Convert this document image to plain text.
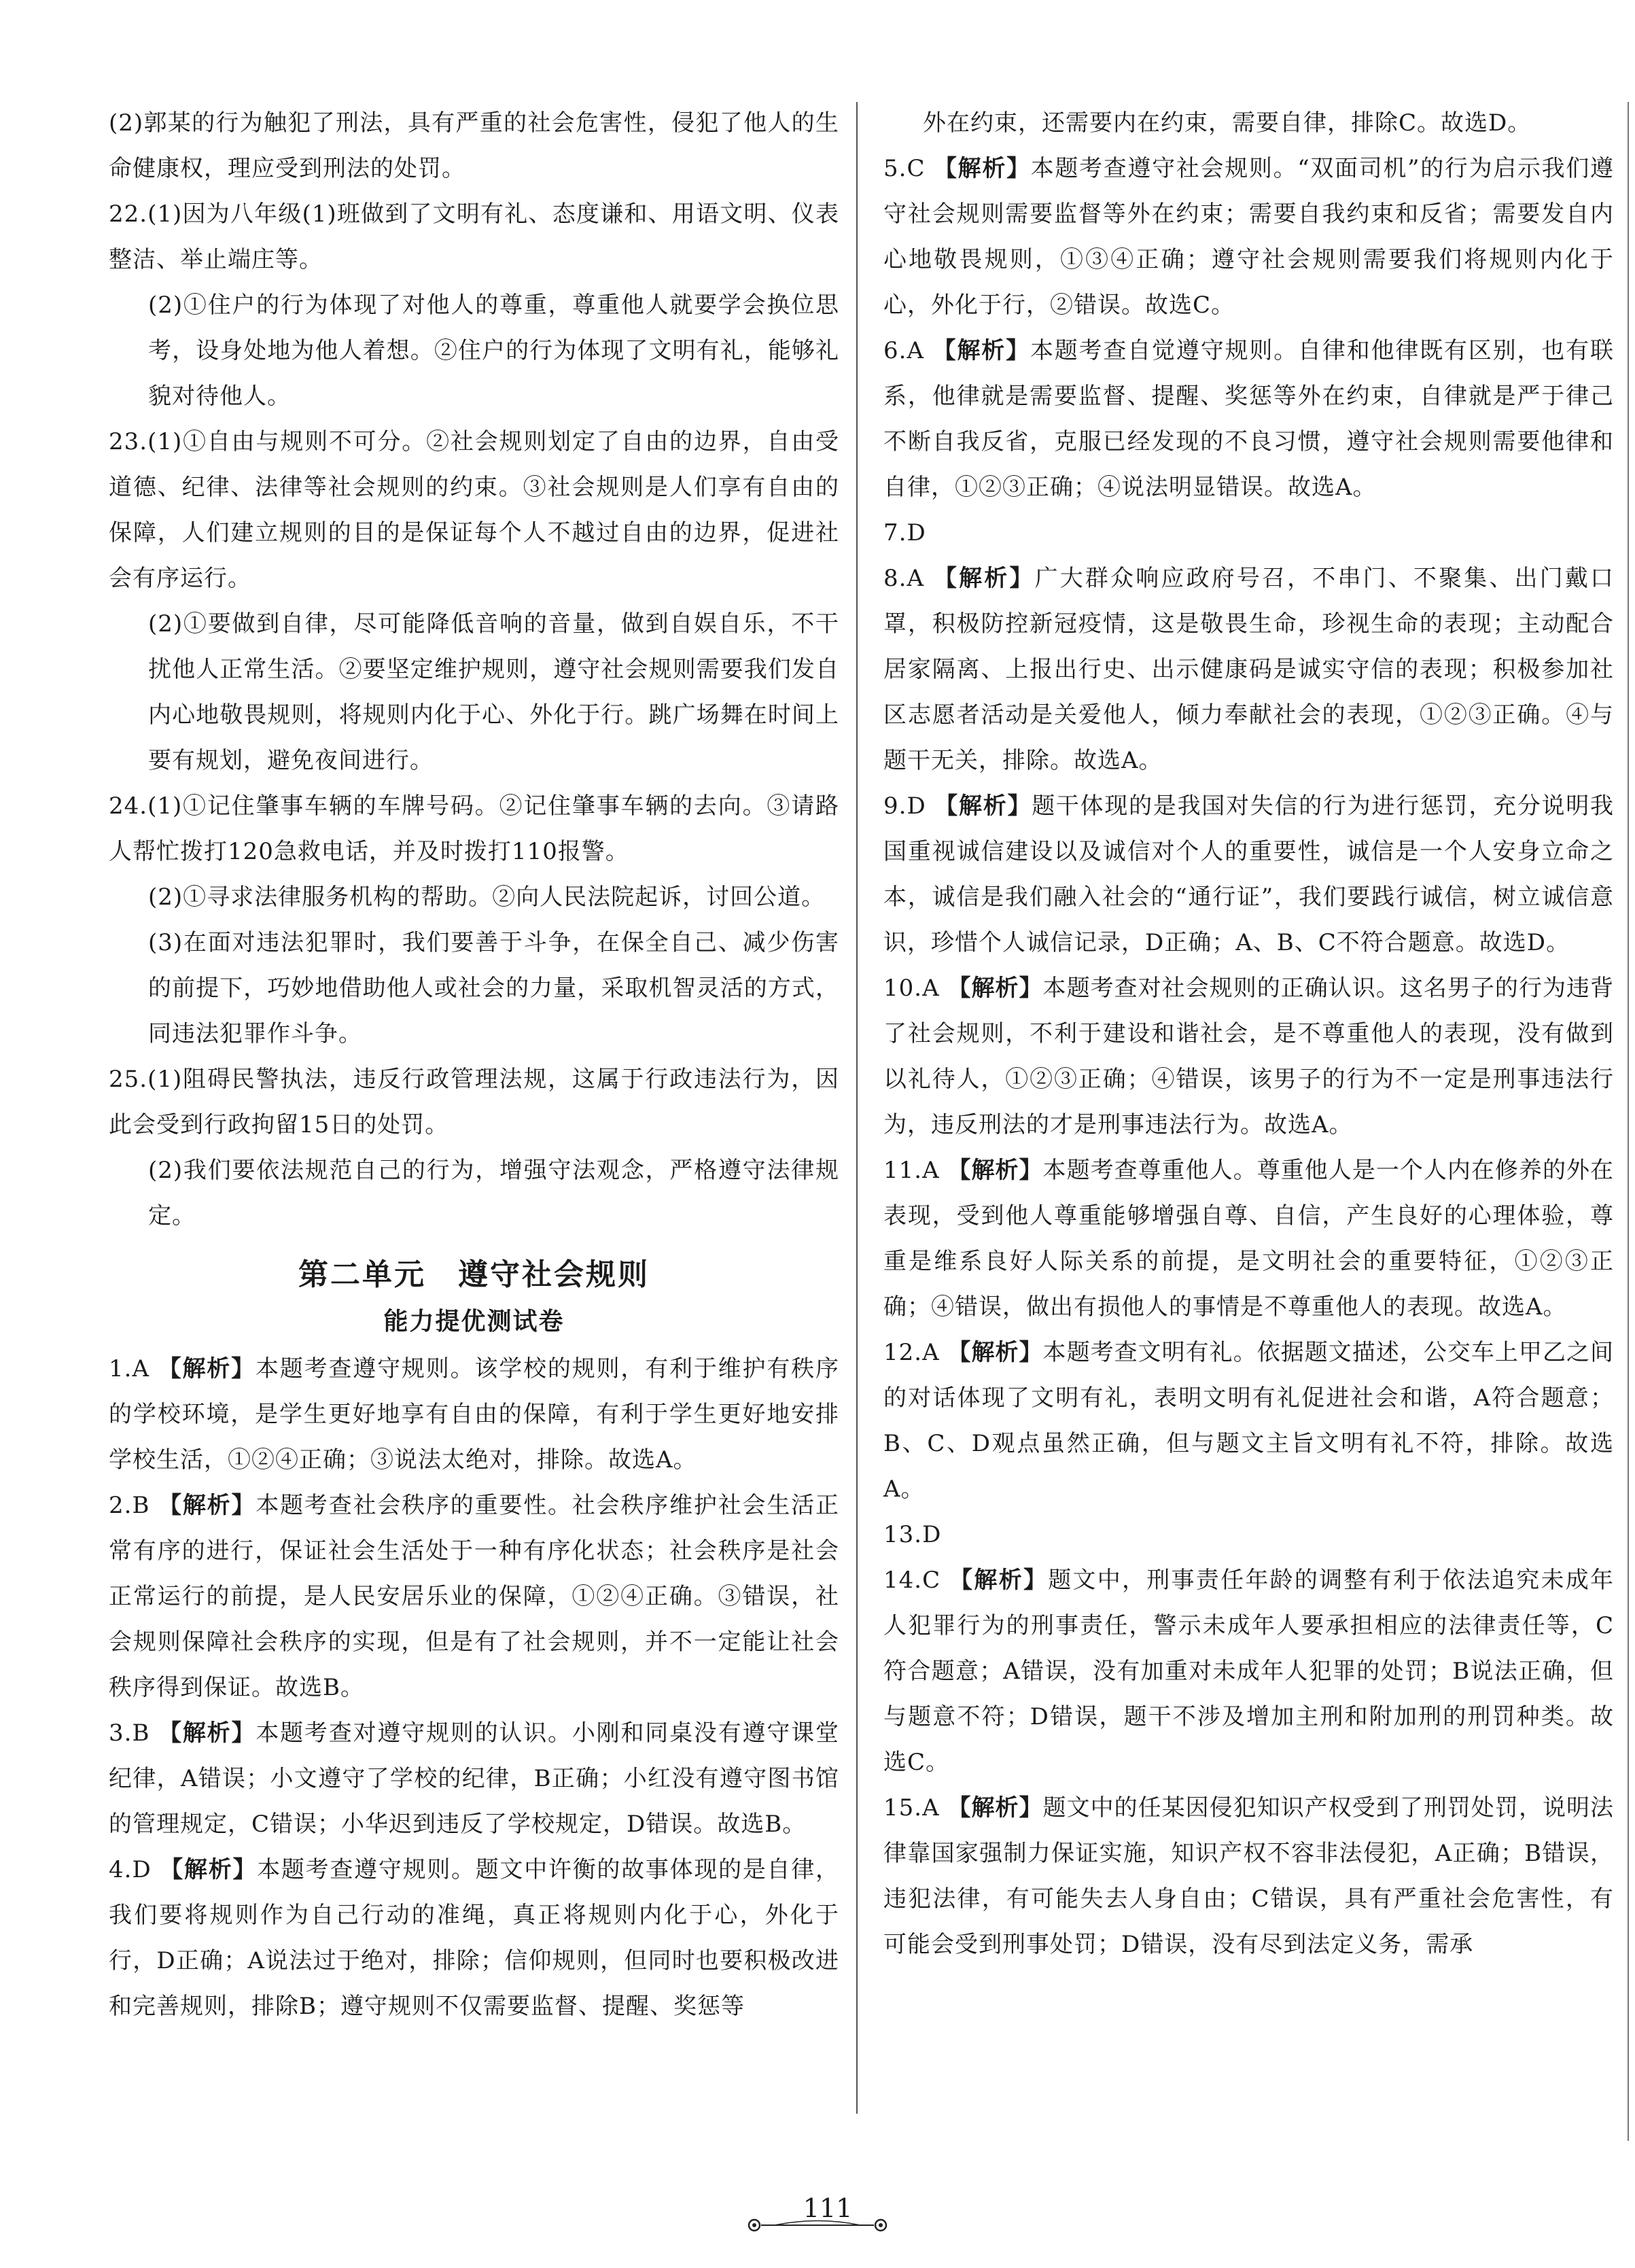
(2)郭某的行为触犯了刑法，具有严重的社会危害性，侵犯了他人的生命健康权，理应受到刑法的处罚。

22.(1)因为八年级(1)班做到了文明有礼、态度谦和、用语文明、仪表整洁、举止端庄等。

(2)①住户的行为体现了对他人的尊重，尊重他人就要学会换位思考，设身处地为他人着想。②住户的行为体现了文明有礼，能够礼貌对待他人。

23.(1)①自由与规则不可分。②社会规则划定了自由的边界，自由受道德、纪律、法律等社会规则的约束。③社会规则是人们享有自由的保障，人们建立规则的目的是保证每个人不越过自由的边界，促进社会有序运行。

(2)①要做到自律，尽可能降低音响的音量，做到自娱自乐，不干扰他人正常生活。②要坚定维护规则，遵守社会规则需要我们发自内心地敬畏规则，将规则内化于心、外化于行。跳广场舞在时间上要有规划，避免夜间进行。

24.(1)①记住肇事车辆的车牌号码。②记住肇事车辆的去向。③请路人帮忙拨打120急救电话，并及时拨打110报警。

(2)①寻求法律服务机构的帮助。②向人民法院起诉，讨回公道。

(3)在面对违法犯罪时，我们要善于斗争，在保全自己、减少伤害的前提下，巧妙地借助他人或社会的力量，采取机智灵活的方式，同违法犯罪作斗争。

25.(1)阻碍民警执法，违反行政管理法规，这属于行政违法行为，因此会受到行政拘留15日的处罚。

(2)我们要依法规范自己的行为，增强守法观念，严格遵守法律规定。

第二单元　遵守社会规则
能力提优测试卷

1.A 【解析】本题考查遵守规则。该学校的规则，有利于维护有秩序的学校环境，是学生更好地享有自由的保障，有利于学生更好地安排学校生活，①②④正确；③说法太绝对，排除。故选A。

2.B 【解析】本题考查社会秩序的重要性。社会秩序维护社会生活正常有序的进行，保证社会生活处于一种有序化状态；社会秩序是社会正常运行的前提，是人民安居乐业的保障，①②④正确。③错误，社会规则保障社会秩序的实现，但是有了社会规则，并不一定能让社会秩序得到保证。故选B。

3.B 【解析】本题考查对遵守规则的认识。小刚和同桌没有遵守课堂纪律，A错误；小文遵守了学校的纪律，B正确；小红没有遵守图书馆的管理规定，C错误；小华迟到违反了学校规定，D错误。故选B。

4.D 【解析】本题考查遵守规则。题文中许衡的故事体现的是自律，我们要将规则作为自己行动的准绳，真正将规则内化于心，外化于行，D正确；A说法过于绝对，排除；信仰规则，但同时也要积极改进和完善规则，排除B；遵守规则不仅需要监督、提醒、奖惩等

外在约束，还需要内在约束，需要自律，排除C。故选D。

5.C 【解析】本题考查遵守社会规则。“双面司机”的行为启示我们遵守社会规则需要监督等外在约束；需要自我约束和反省；需要发自内心地敬畏规则，①③④正确；遵守社会规则需要我们将规则内化于心，外化于行，②错误。故选C。

6.A 【解析】本题考查自觉遵守规则。自律和他律既有区别，也有联系，他律就是需要监督、提醒、奖惩等外在约束，自律就是严于律己不断自我反省，克服已经发现的不良习惯，遵守社会规则需要他律和自律，①②③正确；④说法明显错误。故选A。

7.D

8.A 【解析】广大群众响应政府号召，不串门、不聚集、出门戴口罩，积极防控新冠疫情，这是敬畏生命，珍视生命的表现；主动配合居家隔离、上报出行史、出示健康码是诚实守信的表现；积极参加社区志愿者活动是关爱他人，倾力奉献社会的表现，①②③正确。④与题干无关，排除。故选A。

9.D 【解析】题干体现的是我国对失信的行为进行惩罚，充分说明我国重视诚信建设以及诚信对个人的重要性，诚信是一个人安身立命之本，诚信是我们融入社会的“通行证”，我们要践行诚信，树立诚信意识，珍惜个人诚信记录，D正确；A、B、C不符合题意。故选D。

10.A 【解析】本题考查对社会规则的正确认识。这名男子的行为违背了社会规则，不利于建设和谐社会，是不尊重他人的表现，没有做到以礼待人，①②③正确；④错误，该男子的行为不一定是刑事违法行为，违反刑法的才是刑事违法行为。故选A。

11.A 【解析】本题考查尊重他人。尊重他人是一个人内在修养的外在表现，受到他人尊重能够增强自尊、自信，产生良好的心理体验，尊重是维系良好人际关系的前提，是文明社会的重要特征，①②③正确；④错误，做出有损他人的事情是不尊重他人的表现。故选A。

12.A 【解析】本题考查文明有礼。依据题文描述，公交车上甲乙之间的对话体现了文明有礼，表明文明有礼促进社会和谐，A符合题意；B、C、D观点虽然正确，但与题文主旨文明有礼不符，排除。故选A。

13.D

14.C 【解析】题文中，刑事责任年龄的调整有利于依法追究未成年人犯罪行为的刑事责任，警示未成年人要承担相应的法律责任等，C符合题意；A错误，没有加重对未成年人犯罪的处罚；B说法正确，但与题意不符；D错误，题干不涉及增加主刑和附加刑的刑罚种类。故选C。

15.A 【解析】题文中的任某因侵犯知识产权受到了刑罚处罚，说明法律靠国家强制力保证实施，知识产权不容非法侵犯，A正确；B错误，违犯法律，有可能失去人身自由；C错误，具有严重社会危害性，有可能会受到刑事处罚；D错误，没有尽到法定义务，需承

111
